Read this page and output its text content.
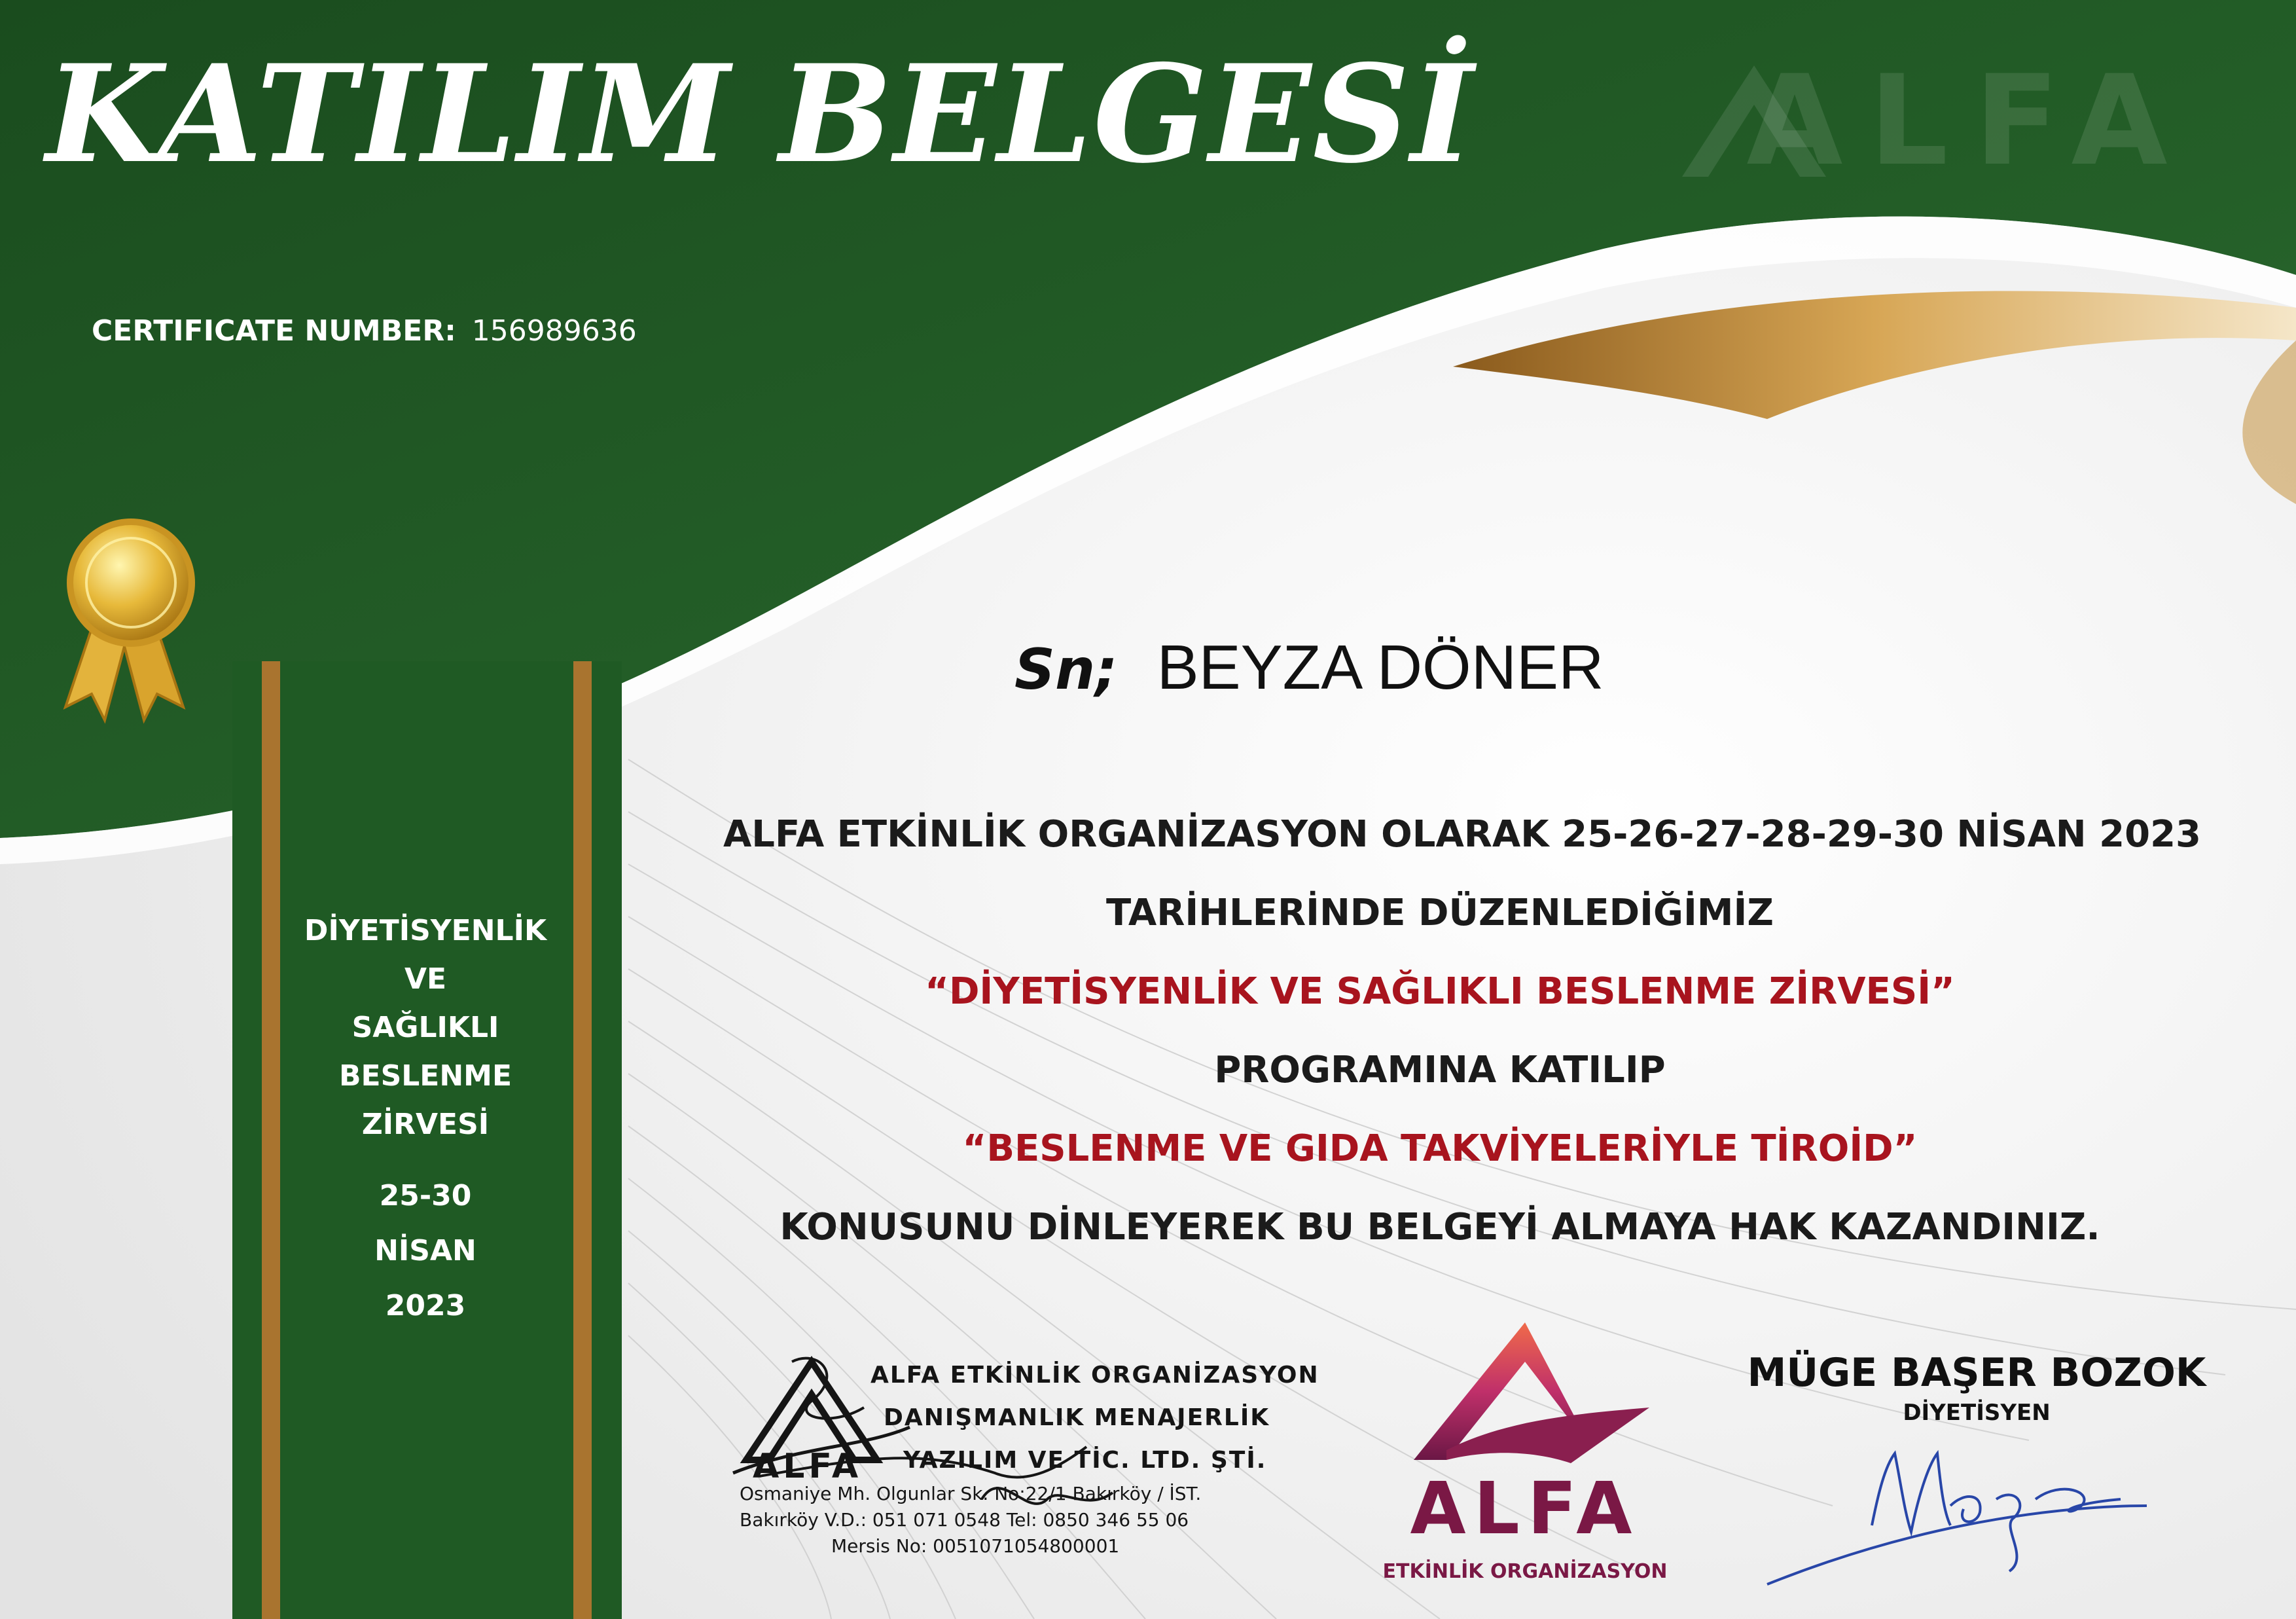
ALFA
KATILIM BELGESİ
CERTIFICATE NUMBER: 156989636
DİYETİSYENLİK
VE
SAĞLIKLI
BESLENME
ZİRVESİ
25-30
NİSAN
2023
Sn; BEYZA DÖNER
ALFA ETKİNLİK ORGANİZASYON OLARAK 25-26-27-28-29-30 NİSAN 2023
TARİHLERİNDE DÜZENLEDİĞİMİZ
“DİYETİSYENLİK VE SAĞLIKLI BESLENME ZİRVESİ”
PROGRAMINA KATILIP
“BESLENME VE GIDA TAKVİYELERİYLE TİROİD”
KONUSUNU DİNLEYEREK BU BELGEYİ ALMAYA HAK KAZANDINIZ.
ALFA
ALFA ETKİNLİK ORGANİZASYON
DANIŞMANLIK MENAJERLİK
YAZILIM VE TİC. LTD. ŞTİ.
Osmaniye Mh. Olgunlar Sk. No:22/1 Bakırköy / İST.
Bakırköy V.D.: 051 071 0548 Tel: 0850 346 55 06
Mersis No: 0051071054800001	ALFA
ETKİNLİK ORGANİZASYON
MÜGE BAŞER BOZOK
DİYETİSYEN
